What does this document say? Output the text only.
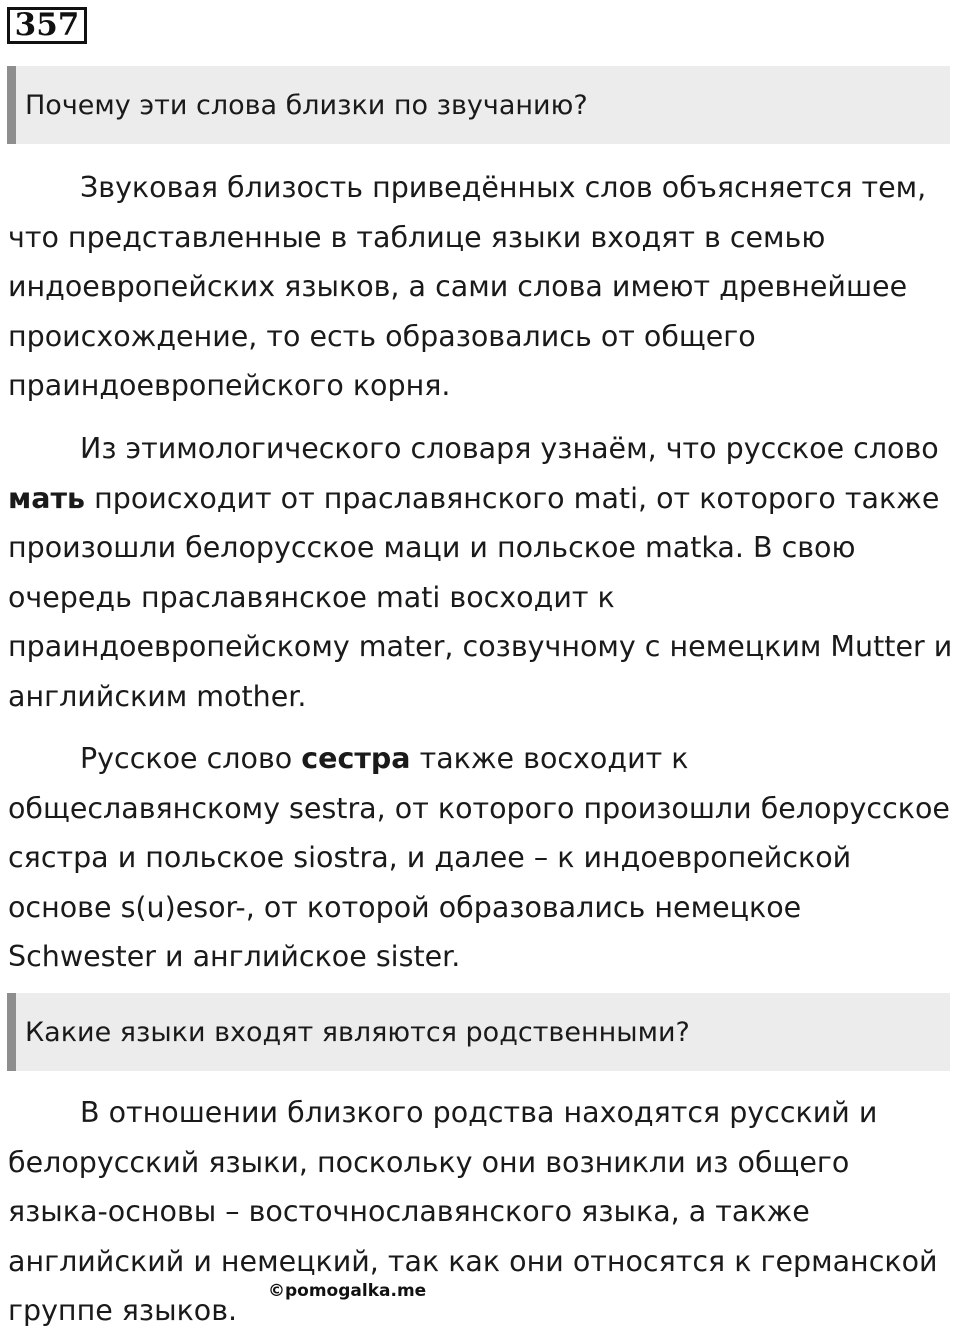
357
Почему эти слова близки по звучанию?

Звуковая близость приведённых слов объясняется тем, что представленные в таблице языки входят в семью индоевропейских языков, а сами слова имеют древнейшее происхождение, то есть образовались от общего праиндоевропейского корня.

Из этимологического словаря узнаём, что русское слово мать происходит от праславянского mati, от которого также произошли белорусское маци и польское matka. В свою очередь праславянское mati восходит к праиндоевропейскому mater, созвучному с немецким Mutter и английским mother.

Русское слово сестра также восходит к общеславянскому sestra, от которого произошли белорусское сястра и польское siostra, и далее – к индоевропейской основе s(u)esor-, от которой образовались немецкое Schwester и английское sister.

Какие языки входят являются родственными?

В отношении близкого родства находятся русский и белорусский языки, поскольку они возникли из общего языка-основы – восточнославянского языка, а также английский и немецкий, так как они относятся к германской группе языков.

©pomogalka.me
